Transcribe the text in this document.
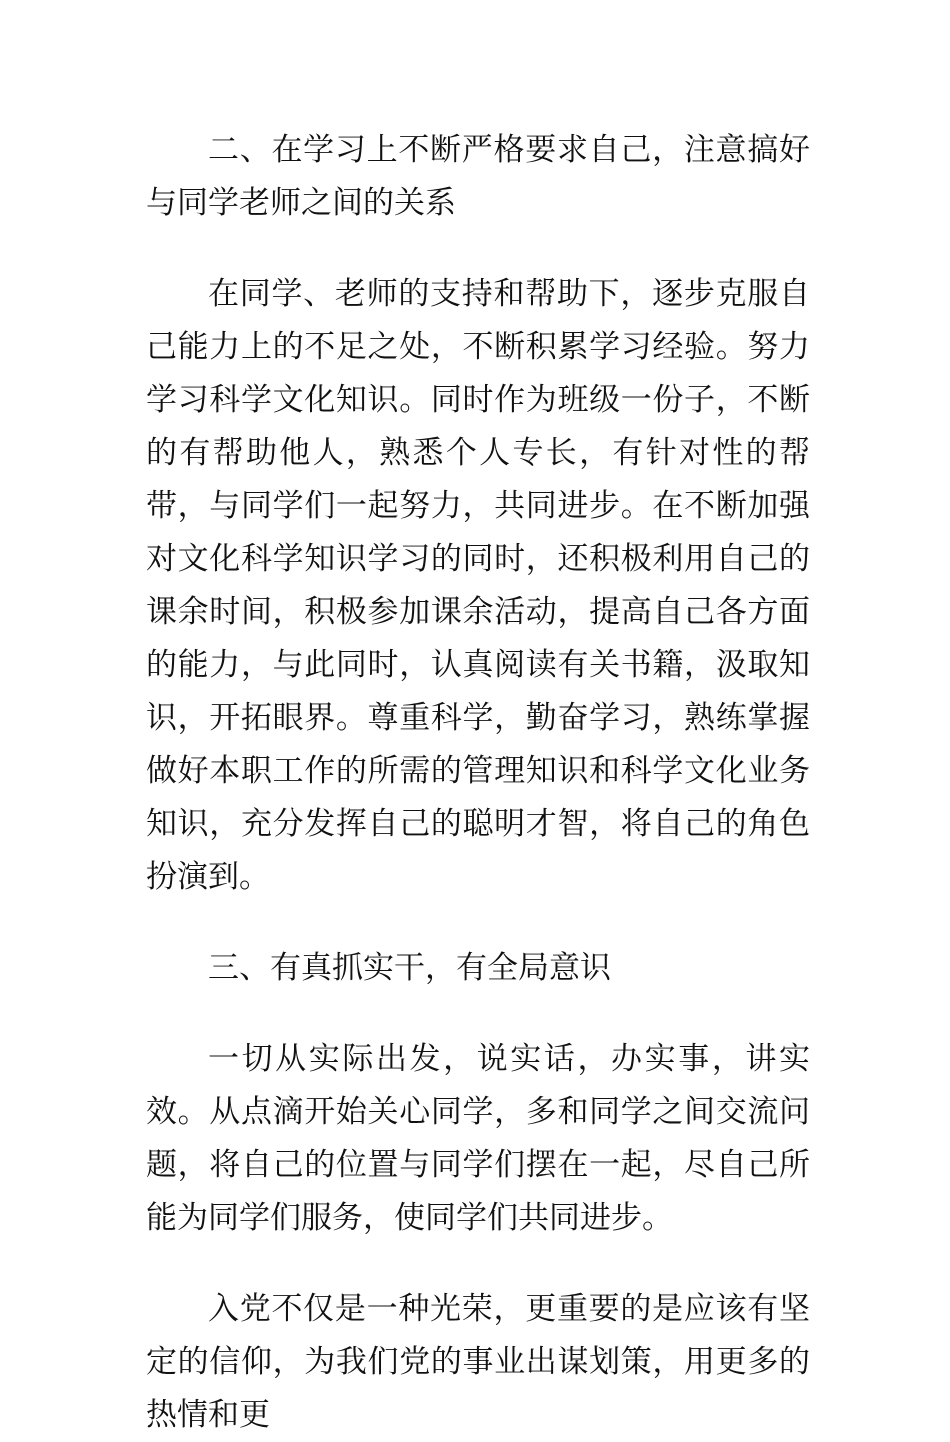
二、在学习上不断严格要求自己，注意搞好与同学老师之间的关系

在同学、老师的支持和帮助下，逐步克服自己能力上的不足之处，不断积累学习经验。努力学习科学文化知识。同时作为班级一份子，不断的有帮助他人，熟悉个人专长，有针对性的帮带，与同学们一起努力，共同进步。在不断加强对文化科学知识学习的同时，还积极利用自己的课余时间，积极参加课余活动，提高自己各方面的能力，与此同时，认真阅读有关书籍，汲取知识，开拓眼界。尊重科学，勤奋学习，熟练掌握做好本职工作的所需的管理知识和科学文化业务知识，充分发挥自己的聪明才智，将自己的角色扮演到。

三、有真抓实干，有全局意识

一切从实际出发，说实话，办实事，讲实效。从点滴开始关心同学，多和同学之间交流问题，将自己的位置与同学们摆在一起，尽自己所能为同学们服务，使同学们共同进步。

入党不仅是一种光荣，更重要的是应该有坚定的信仰，为我们党的事业出谋划策，用更多的热情和更
